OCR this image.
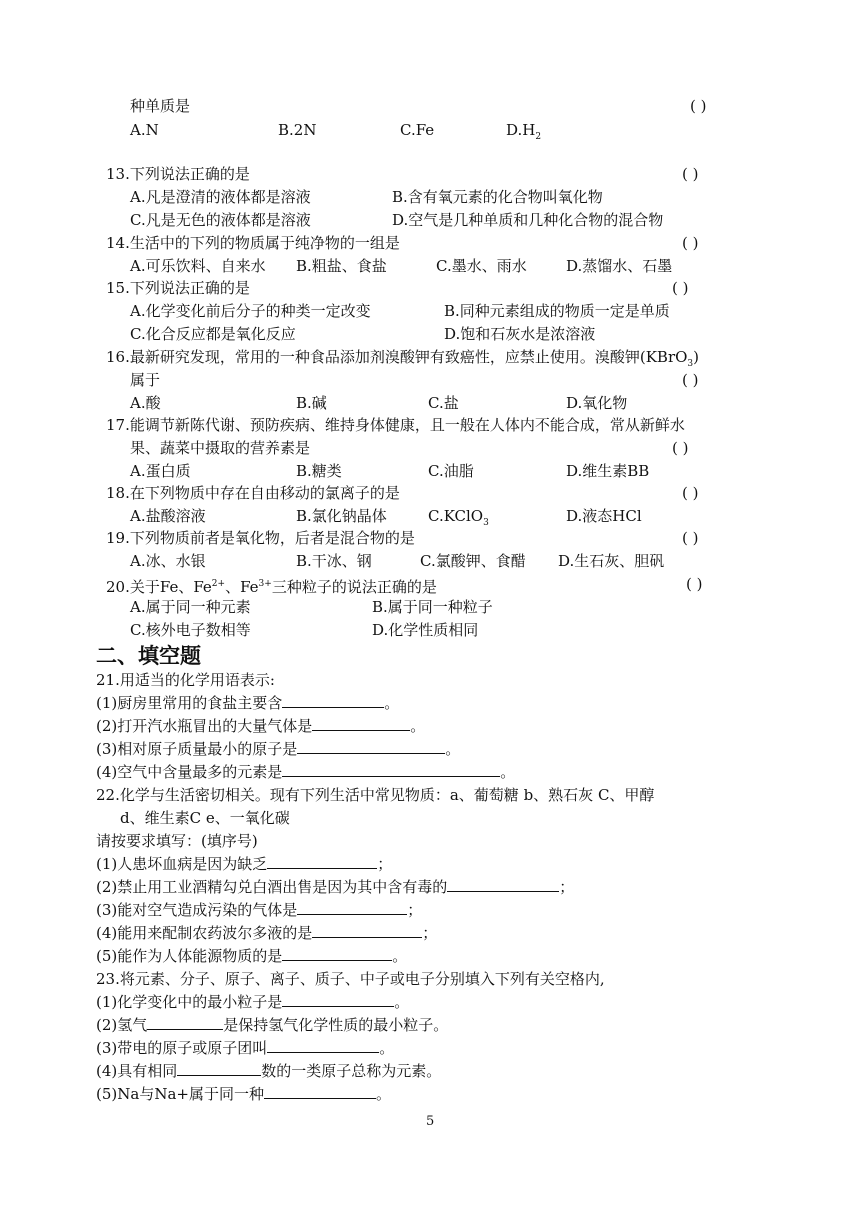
种单质是	( )
A.N	B.2N	C.Fe	$D.H_2$
13.下列说法正确的是	( )
A.凡是澄清的液体都是溶液	B.含有氧元素的化合物叫氧化物
C.凡是无色的液体都是溶液	D.空气是几种单质和几种化合物的混合物
14.生活中的下列的物质属于纯净物的一组是	( )
A.可乐饮料、自来水 B.粗盐、食盐	C.墨水、雨水	D.蒸馏水、石墨
15.下列说法正确的是	( )
A.化学变化前后分子的种类一定改变	B.同种元素组成的物质一定是单质
C.化合反应都是氧化反应	D.饱和石灰水是浓溶液
16.最新研究发现，常用的一种食品添加剂溴酸钾有致癌性，应禁止使用。溴酸钾(KBrO$_3$)
属于	( )
A.酸	B.碱	C.盐	D.氧化物
17.能调节新陈代谢、预防疾病、维持身体健康，且一般在人体内不能合成，常从新鲜水
果、蔬菜中摄取的营养素是	( )
A.蛋白质	B.糖类	C.油脂	D.维生素BB
18.在下列物质中存在自由移动的氯离子的是	( )
A.盐酸溶液	B.氯化钠晶体	C.KClO$_3$	D.液态HCl
19.下列物质前者是氧化物，后者是混合物的是	( )
A.冰、水银	B.干冰、钢	C.氯酸钾、食醋 D.生石灰、胆矾
20.关于Fe、$Fe^{2+}$、$Fe^{3+}$三种粒子的说法正确的是	( )
A.属于同一种元素	B.属于同一种粒子
C.核外电子数相等	D.化学性质相同
二、填空题
21.用适当的化学用语表示:
(1)厨房里常用的食盐主要含	。
(2)打开汽水瓶冒出的大量气体是	。
(3)相对原子质量最小的原子是	。
(4)空气中含量最多的元素是	。
22.化学与生活密切相关。现有下列生活中常见物质：a、葡萄糖 b、熟石灰 C、甲醇
d、维生素C e、一氧化碳
请按要求填写：(填序号)
(1)人患坏血病是因为缺乏	；
(2)禁止用工业酒精勾兑白酒出售是因为其中含有毒的	；
(3)能对空气造成污染的气体是	；
(4)能用来配制农药波尔多液的是	；
(5)能作为人体能源物质的是	。
23.将元素、分子、原子、离子、质子、中子或电子分别填入下列有关空格内,
(1)化学变化中的最小粒子是	。
(2)氢气	是保持氢气化学性质的最小粒子。
(3)带电的原子或原子团叫	。
(4)具有相同	数的一类原子总称为元素。
(5)Na与Na+属于同一种	。
5
